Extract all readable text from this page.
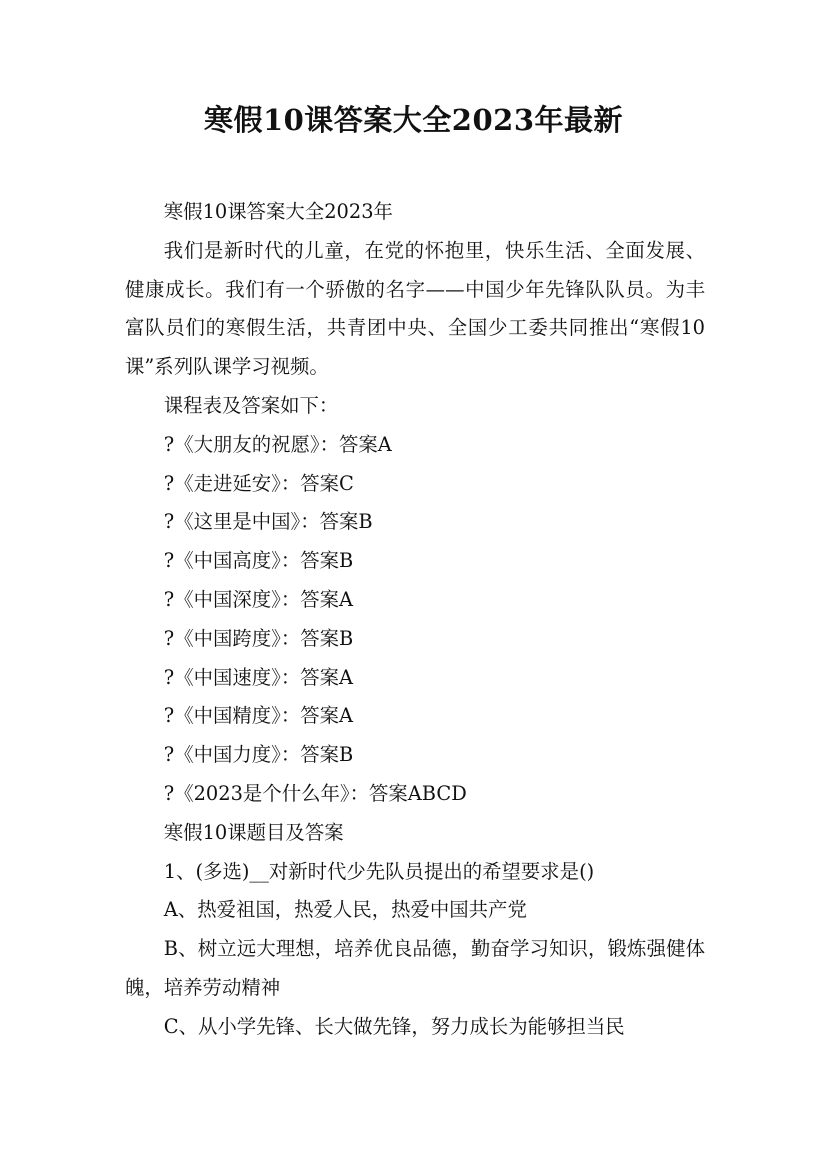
寒假10课答案大全2023年最新

寒假10课答案大全2023年

我们是新时代的儿童，在党的怀抱里，快乐生活、全面发展、健康成长。我们有一个骄傲的名字——中国少年先锋队队员。为丰富队员们的寒假生活，共青团中央、全国少工委共同推出“寒假10课”系列队课学习视频。

课程表及答案如下：

?《大朋友的祝愿》：答案A

?《走进延安》：答案C

?《这里是中国》：答案B

?《中国高度》：答案B

?《中国深度》：答案A

?《中国跨度》：答案B

?《中国速度》：答案A

?《中国精度》：答案A

?《中国力度》：答案B

?《2023是个什么年》：答案ABCD

寒假10课题目及答案

1、(多选)__对新时代少先队员提出的希望要求是()

A、热爱祖国，热爱人民，热爱中国共产党

B、树立远大理想，培养优良品德，勤奋学习知识，锻炼强健体魄，培养劳动精神

C、从小学先锋、长大做先锋，努力成长为能够担当民
